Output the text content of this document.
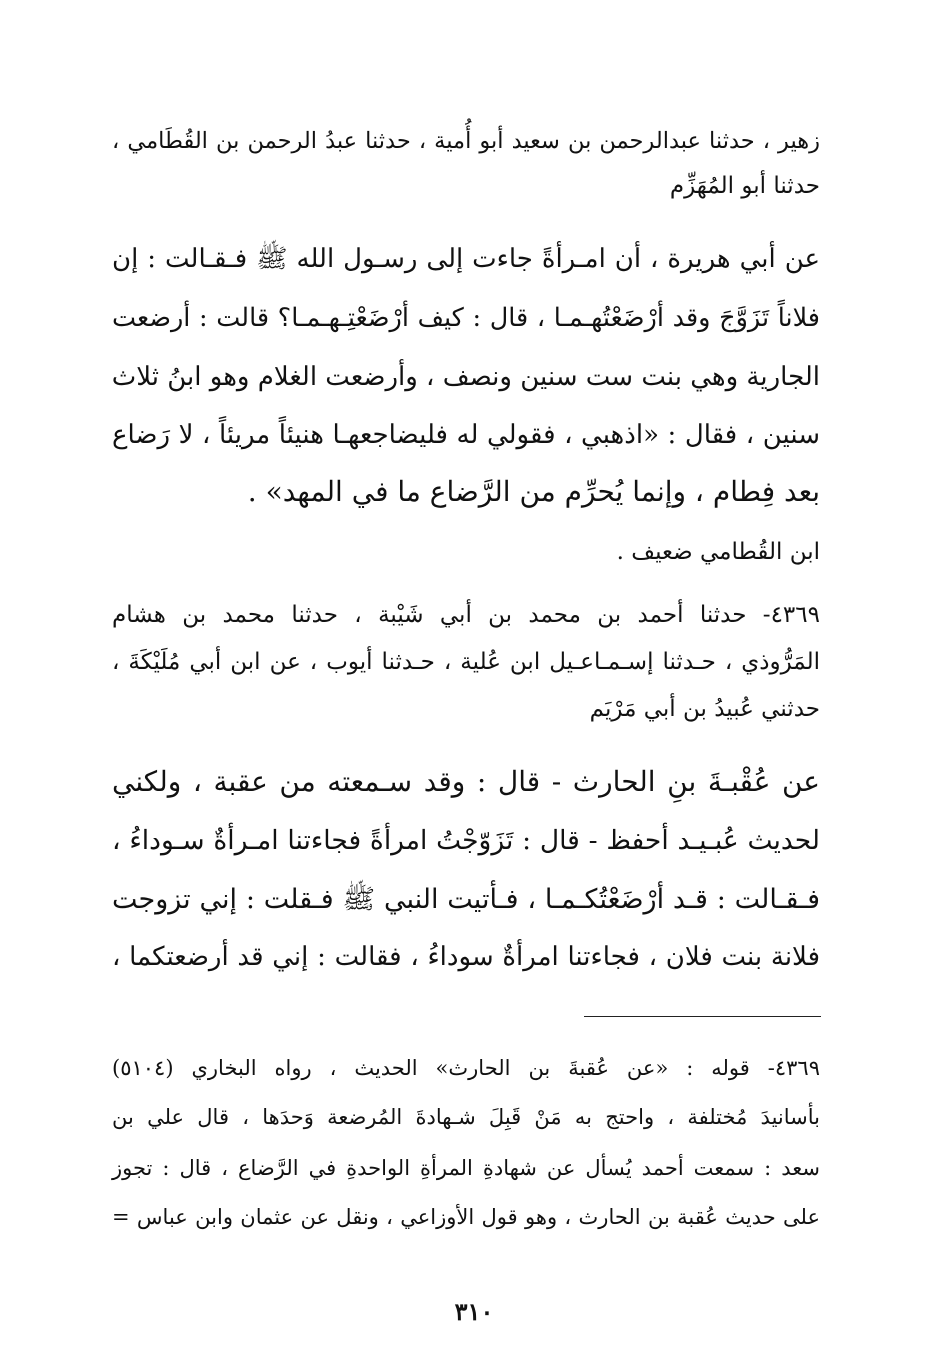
زهير ، حدثنا عبدالرحمن بن سعيد أبو أُمية ، حدثنا عبدُ الرحمن بن القُطَامي ،
حدثنا أبو المُهَزِّم
عن أبي هريرة ، أن امـرأةً جاءت إلى رسـول الله ﷺ فـقـالت : إن
فلاناً تَزَوَّجَ وقد أرْضَعْتُهـمـا ، قال : كيف أرْضَعْتِـهـمـا؟ قالت : أرضعت
الجارية وهي بنت ست سنين ونصف ، وأرضعت الغلام وهو ابنُ ثلاث
سنين ، فقال : «اذهبي ، فقولي له فليضاجعهـا هنيئاً مريئاً ، لا رَضاع
بعد فِطام ، وإنما يُحرِّم من الرَّضاع ما في المهد» .
ابن القُطامي ضعيف .
٤٣٦٩- حدثنا أحمد بن محمد بن أبي شَيْبة ، حدثنا محمد بن هشام
المَرُّوذي ، حـدثنا إسـمـاعـيل ابن عُلية ، حـدثنا أيوب ، عن ابن أبي مُلَيْكَةَ ،
حدثني عُبيدُ بن أبي مَرْيَم
عن عُقْبـةَ بنِ الحارث - قال : وقد سـمعته من عقبة ، ولكني
لحديث عُبـيـد أحفظ - قال : تَزَوّجْتُ امرأةً فجاءتنا امـرأةٌ سـوداءُ ،
فـقـالت : قـد أرْضَعْتُكـمـا ، فـأتيت النبي ﷺ فـقلت : إني تزوجت
فلانة بنت فلان ، فجاءتنا امرأةٌ سوداءُ ، فقالت : إني قد أرضعتكما ،
٤٣٦٩- قوله : «عن عُقبةَ بن الحارث» الحديث ، رواه البخاري (٥١٠٤)
بأسانيدَ مُختلفة ، واحتج به مَنْ قَبِلَ شـهادةَ المُرضعة وَحدَها ، قال علي بن
سعد : سمعت أحمد يُسأل عن شهادةِ المرأةِ الواحدةِ في الرَّضاع ، قال : تجوز
على حديث عُقبة بن الحارث ، وهو قول الأوزاعي ، ونقل عن عثمان وابن عباس =
٣١٠
